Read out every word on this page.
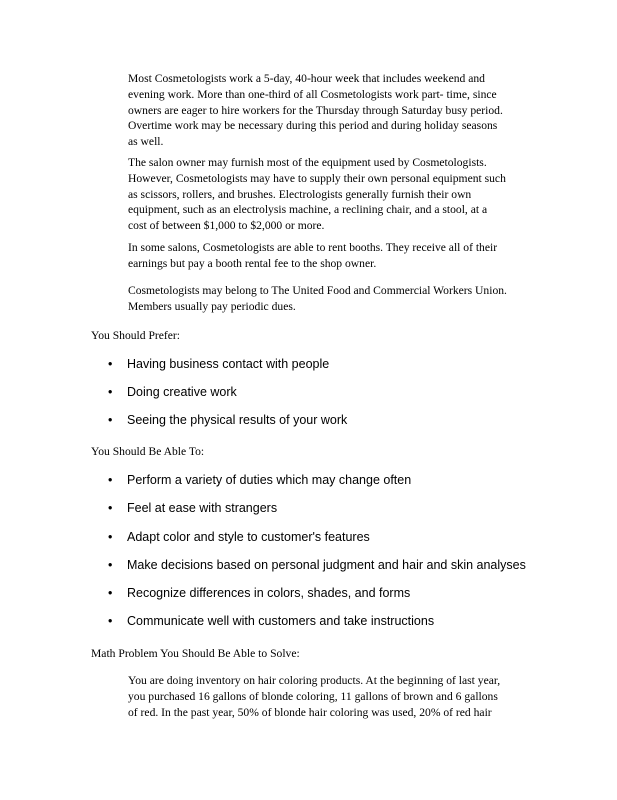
Most Cosmetologists work a 5-day, 40-hour week that includes weekend and evening work. More than one-third of all Cosmetologists work part- time, since owners are eager to hire workers for the Thursday through Saturday busy period. Overtime work may be necessary during this period and during holiday seasons as well.

The salon owner may furnish most of the equipment used by Cosmetologists. However, Cosmetologists may have to supply their own personal equipment such as scissors, rollers, and brushes. Electrologists generally furnish their own equipment, such as an electrolysis machine, a reclining chair, and a stool, at a cost of between $1,000 to $2,000 or more.

In some salons, Cosmetologists are able to rent booths. They receive all of their earnings but pay a booth rental fee to the shop owner.

Cosmetologists may belong to The United Food and Commercial Workers Union. Members usually pay periodic dues.

You Should Prefer:

• Having business contact with people
• Doing creative work
• Seeing the physical results of your work

You Should Be Able To:

• Perform a variety of duties which may change often
• Feel at ease with strangers
• Adapt color and style to customer's features
• Make decisions based on personal judgment and hair and skin analyses
• Recognize differences in colors, shades, and forms
• Communicate well with customers and take instructions

Math Problem You Should Be Able to Solve:

You are doing inventory on hair coloring products. At the beginning of last year, you purchased 16 gallons of blonde coloring, 11 gallons of brown and 6 gallons of red. In the past year, 50% of blonde hair coloring was used, 20% of red hair
